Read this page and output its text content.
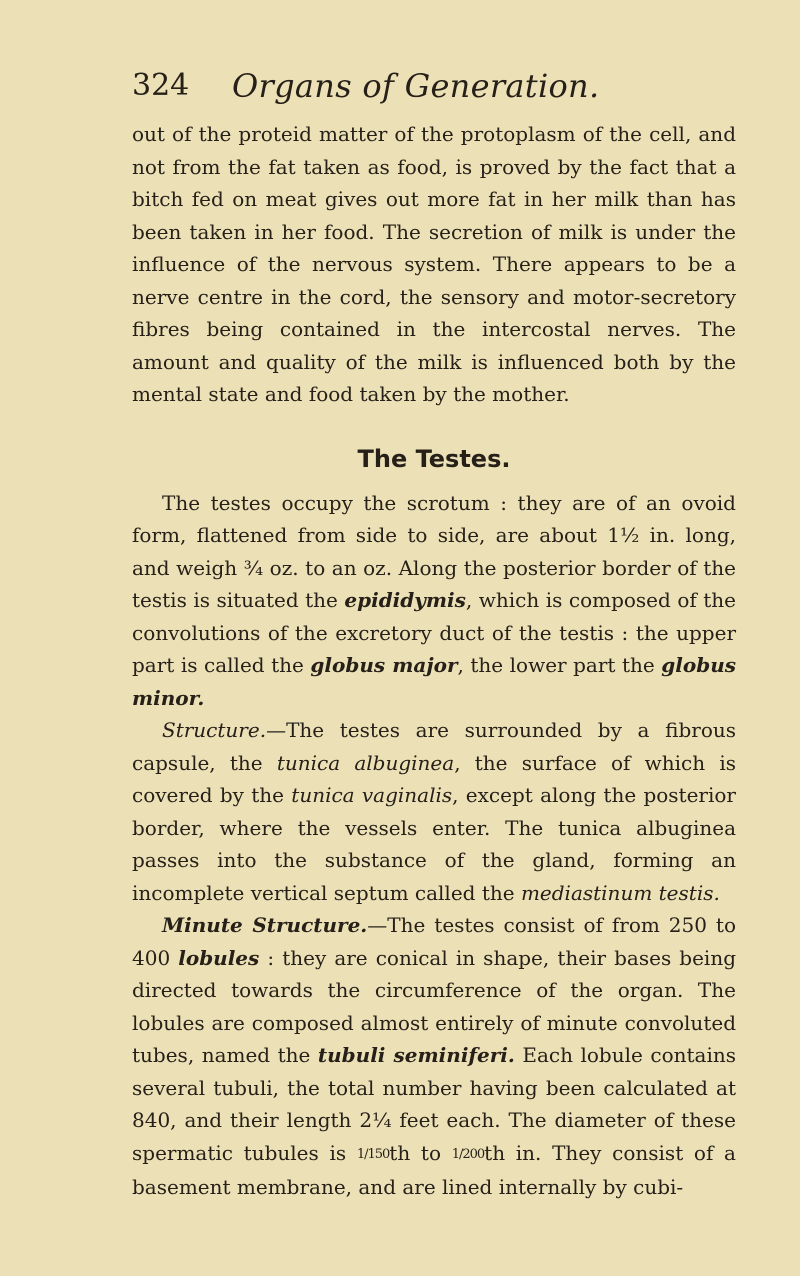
324 Organs of Generation.

out of the proteid matter of the protoplasm of the cell, and not from the fat taken as food, is proved by the fact that a bitch fed on meat gives out more fat in her milk than has been taken in her food. The secretion of milk is under the influence of the nervous system. There appears to be a nerve centre in the cord, the sensory and motor-secretory fibres being contained in the intercostal nerves. The amount and quality of the milk is influenced both by the mental state and food taken by the mother.

The Testes.

The testes occupy the scrotum : they are of an ovoid form, flattened from side to side, are about 1½ in. long, and weigh ¾ oz. to an oz. Along the posterior border of the testis is situated the epididymis, which is composed of the convolutions of the excretory duct of the testis : the upper part is called the globus major, the lower part the globus minor.

Structure.—The testes are surrounded by a fibrous capsule, the tunica albuginea, the surface of which is covered by the tunica vaginalis, except along the posterior border, where the vessels enter. The tunica albuginea passes into the substance of the gland, forming an incomplete vertical septum called the mediastinum testis.

Minute Structure.—The testes consist of from 250 to 400 lobules : they are conical in shape, their bases being directed towards the circumference of the organ. The lobules are composed almost entirely of minute convoluted tubes, named the tubuli seminiferi. Each lobule contains several tubuli, the total number having been calculated at 840, and their length 2¼ feet each. The diameter of these spermatic tubules is 1/150th to 1/200th in. They consist of a basement membrane, and are lined internally by cubi-
